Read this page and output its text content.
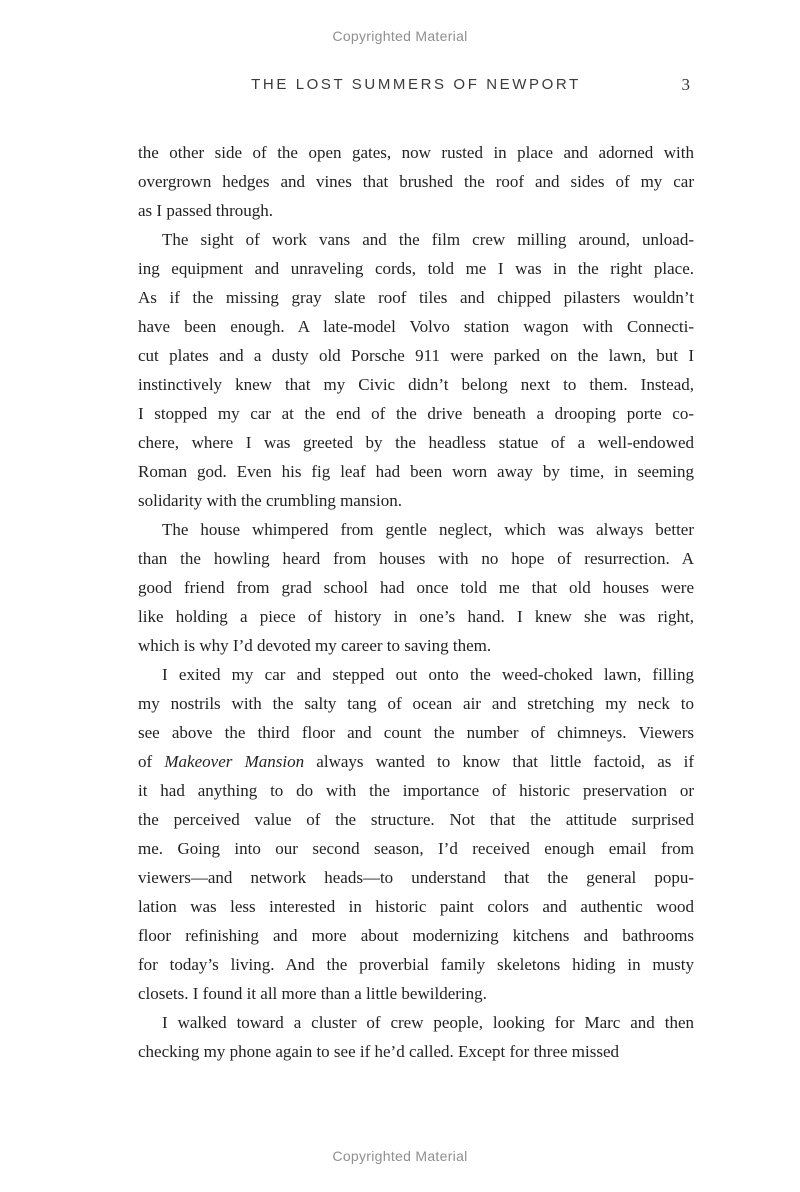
Copyrighted Material
THE LOST SUMMERS OF NEWPORT	3
the other side of the open gates, now rusted in place and adorned with
overgrown hedges and vines that brushed the roof and sides of my car
as I passed through.
The sight of work vans and the film crew milling around, unload-
ing equipment and unraveling cords, told me I was in the right place.
As if the missing gray slate roof tiles and chipped pilasters wouldn’t
have been enough. A late-model Volvo station wagon with Connecti-
cut plates and a dusty old Porsche 911 were parked on the lawn, but I
instinctively knew that my Civic didn’t belong next to them. Instead,
I stopped my car at the end of the drive beneath a drooping porte co-
chere, where I was greeted by the headless statue of a well-endowed
Roman god. Even his fig leaf had been worn away by time, in seeming
solidarity with the crumbling mansion.
The house whimpered from gentle neglect, which was always better
than the howling heard from houses with no hope of resurrection. A
good friend from grad school had once told me that old houses were
like holding a piece of history in one’s hand. I knew she was right,
which is why I’d devoted my career to saving them.
I exited my car and stepped out onto the weed-choked lawn, filling
my nostrils with the salty tang of ocean air and stretching my neck to
see above the third floor and count the number of chimneys. Viewers
of Makeover Mansion always wanted to know that little factoid, as if
it had anything to do with the importance of historic preservation or
the perceived value of the structure. Not that the attitude surprised
me. Going into our second season, I’d received enough email from
viewers—and network heads—to understand that the general popu-
lation was less interested in historic paint colors and authentic wood
floor refinishing and more about modernizing kitchens and bathrooms
for today’s living. And the proverbial family skeletons hiding in musty
closets. I found it all more than a little bewildering.
I walked toward a cluster of crew people, looking for Marc and then
checking my phone again to see if he’d called. Except for three missed
Copyrighted Material
